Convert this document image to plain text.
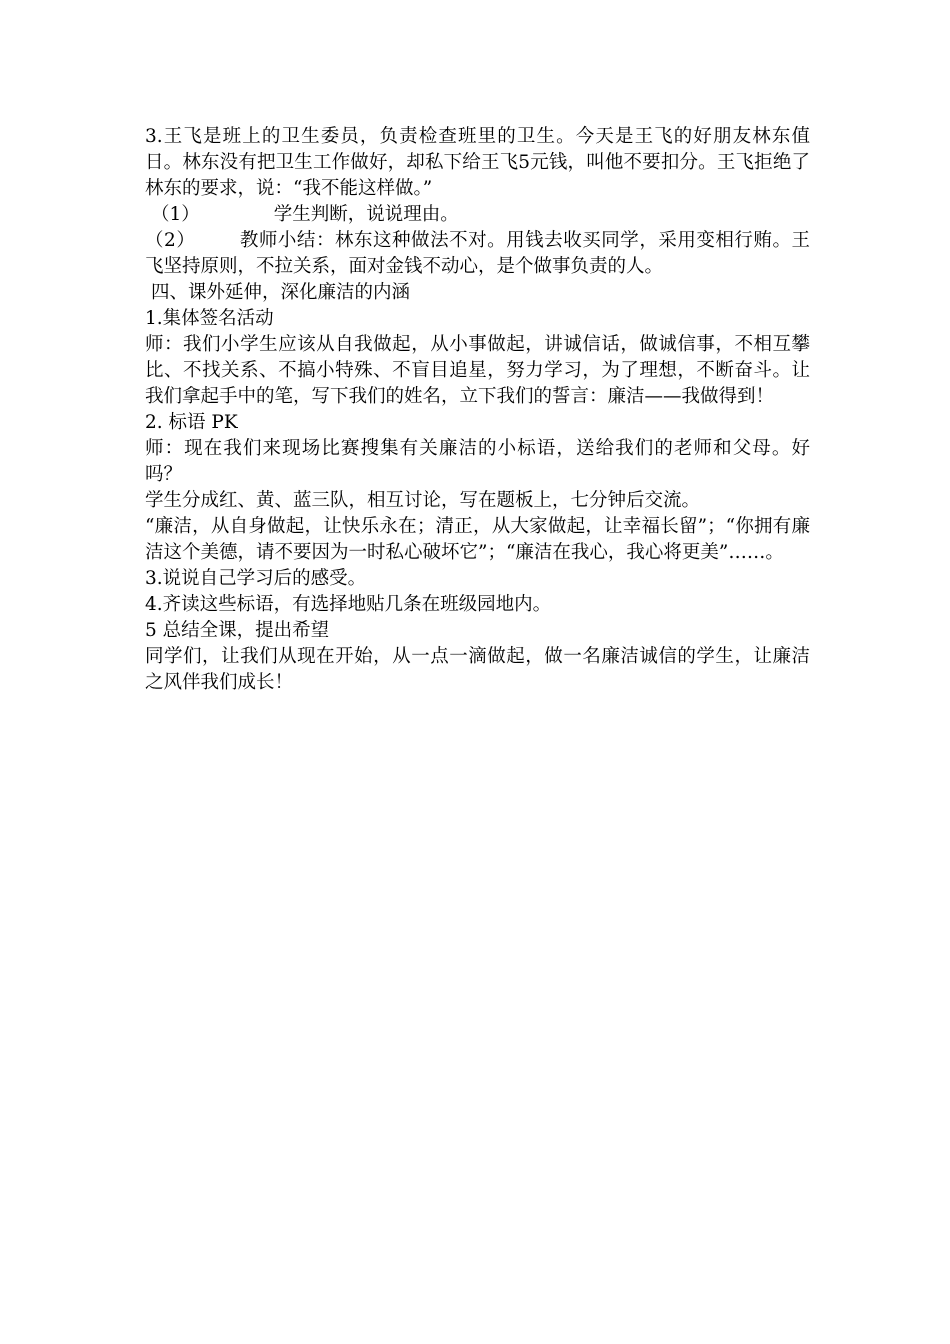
3.王飞是班上的卫生委员，负责检查班里的卫生。今天是王飞的好朋友林东值日。林东没有把卫生工作做好，却私下给王飞5元钱，叫他不要扣分。王飞拒绝了林东的要求，说：“我不能这样做。”

（1）	学生判断，说说理由。
（2） 教师小结：林东这种做法不对。用钱去收买同学，采用变相行贿。王飞坚持原则，不拉关系，面对金钱不动心，是个做事负责的人。

四、课外延伸，深化廉洁的内涵

1.集体签名活动

师：我们小学生应该从自我做起，从小事做起，讲诚信话，做诚信事，不相互攀比、不找关系、不搞小特殊、不盲目追星，努力学习，为了理想，不断奋斗。让我们拿起手中的笔，写下我们的姓名，立下我们的誓言：廉洁——我做得到！

2. 标语 PK

师：现在我们来现场比赛搜集有关廉洁的小标语，送给我们的老师和父母。好吗？

学生分成红、黄、蓝三队，相互讨论，写在题板上，七分钟后交流。

“廉洁，从自身做起，让快乐永在；清正，从大家做起，让幸福长留”；“你拥有廉洁这个美德，请不要因为一时私心破坏它”；“廉洁在我心，我心将更美”……。

3.说说自己学习后的感受。

4.齐读这些标语，有选择地贴几条在班级园地内。

5 总结全课，提出希望

同学们，让我们从现在开始，从一点一滴做起，做一名廉洁诚信的学生，让廉洁之风伴我们成长！
